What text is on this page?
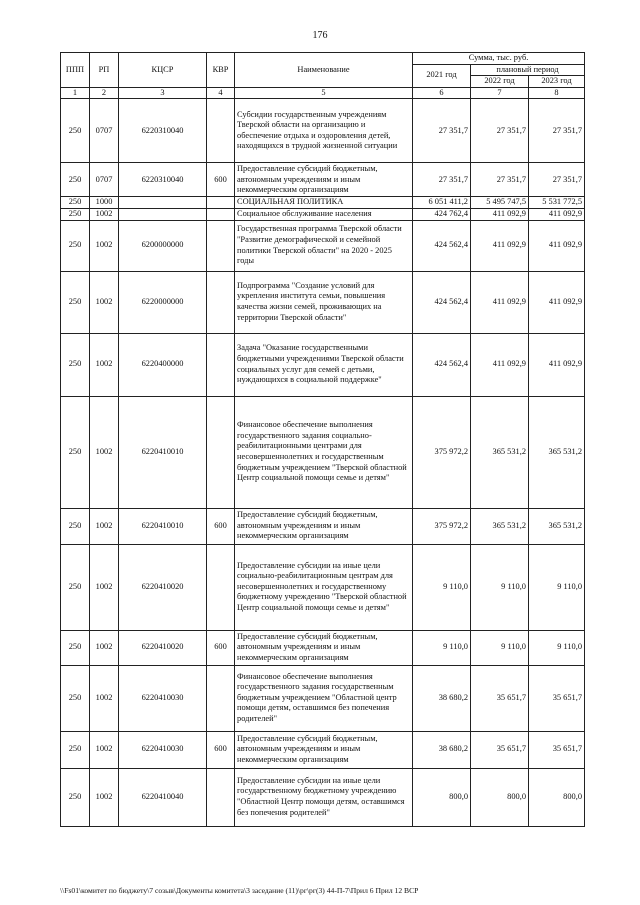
176
ППП	РП	КЦСР	КВР	Наименование	Сумма, тыс. руб.		
					2021 год	плановый период	
						2022 год	2023 год
1	2	3	4	5	6	7	8
250	0707	6220310040		Субсидии государственным учреждениям Тверской области на организацию и обеспечение отдыха и оздоровления детей, находящихся в трудной жизненной ситуации	27 351,7	27 351,7	27 351,7
250	0707	6220310040	600	Предоставление субсидий бюджетным, автономным учреждениям и иным некоммерческим организациям	27 351,7	27 351,7	27 351,7
250	1000			СОЦИАЛЬНАЯ ПОЛИТИКА	6 051 411,2	5 495 747,5	5 531 772,5
250	1002			Социальное обслуживание населения	424 762,4	411 092,9	411 092,9
250	1002	6200000000		Государственная программа Тверской области "Развитие демографической и семейной политики Тверской области" на 2020 - 2025 годы	424 562,4	411 092,9	411 092,9
250	1002	6220000000		Подпрограмма "Создание условий для укрепления института семьи, повышения качества жизни семей, проживающих на территории Тверской области"	424 562,4	411 092,9	411 092,9
250	1002	6220400000		Задача "Оказание государственными бюджетными учреждениями Тверской области социальных услуг для семей с детьми, нуждающихся в социальной поддержке"	424 562,4	411 092,9	411 092,9
250	1002	6220410010		Финансовое обеспечение выполнения государственного задания социально-реабилитационными центрами для несовершеннолетних и государственным бюджетным учреждением "Тверской областной Центр социальной помощи семье и детям"	375 972,2	365 531,2	365 531,2
250	1002	6220410010	600	Предоставление субсидий бюджетным, автономным учреждениям и иным некоммерческим организациям	375 972,2	365 531,2	365 531,2
250	1002	6220410020		Предоставление субсидии на иные цели социально-реабилитационным центрам для несовершеннолетних и государственному бюджетному учреждению "Тверской областной Центр социальной помощи семье и детям"	9 110,0	9 110,0	9 110,0
250	1002	6220410020	600	Предоставление субсидий бюджетным, автономным учреждениям и иным некоммерческим организациям	9 110,0	9 110,0	9 110,0
250	1002	6220410030		Финансовое обеспечение выполнения государственного задания государственным бюджетным учреждением "Областной центр помощи детям, оставшимся без попечения родителей"	38 680,2	35 651,7	35 651,7
250	1002	6220410030	600	Предоставление субсидий бюджетным, автономным учреждениям и иным некоммерческим организациям	38 680,2	35 651,7	35 651,7
250	1002	6220410040		Предоставление субсидии на иные цели государственному бюджетному учреждению "Областной Центр помощи детям, оставшимся без попечения родителей"	800,0	800,0	800,0
\\Fs01\комитет по бюджету\7 созыв\Документы комитета\3 заседание (11)\рг\рг(3) 44-П-7\Прил 6 Прил 12 ВСР
